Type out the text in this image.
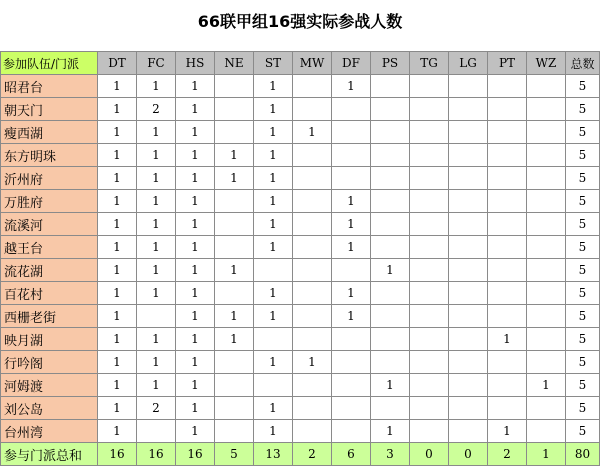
66联甲组16强实际参战人数
参加队伍/门派	DT	FC	HS	NE	ST	MW	DF	PS	TG	LG	PT	WZ	总数
昭君台	1	1	1		1		1						5
朝天门	1	2	1		1								5
瘦西湖	1	1	1		1	1							5
东方明珠	1	1	1	1	1								5
沂州府	1	1	1	1	1								5
万胜府	1	1	1		1		1						5
流溪河	1	1	1		1		1						5
越王台	1	1	1		1		1						5
流花湖	1	1	1	1				1					5
百花村	1	1	1		1		1						5
西栅老街	1		1	1	1		1						5
映月湖	1	1	1	1							1		5
行吟阁	1	1	1		1	1							5
河姆渡	1	1	1					1				1	5
刘公岛	1	2	1		1								5
台州湾	1		1		1			1			1		5
参与门派总和	16	16	16	5	13	2	6	3	0	0	2	1	80
